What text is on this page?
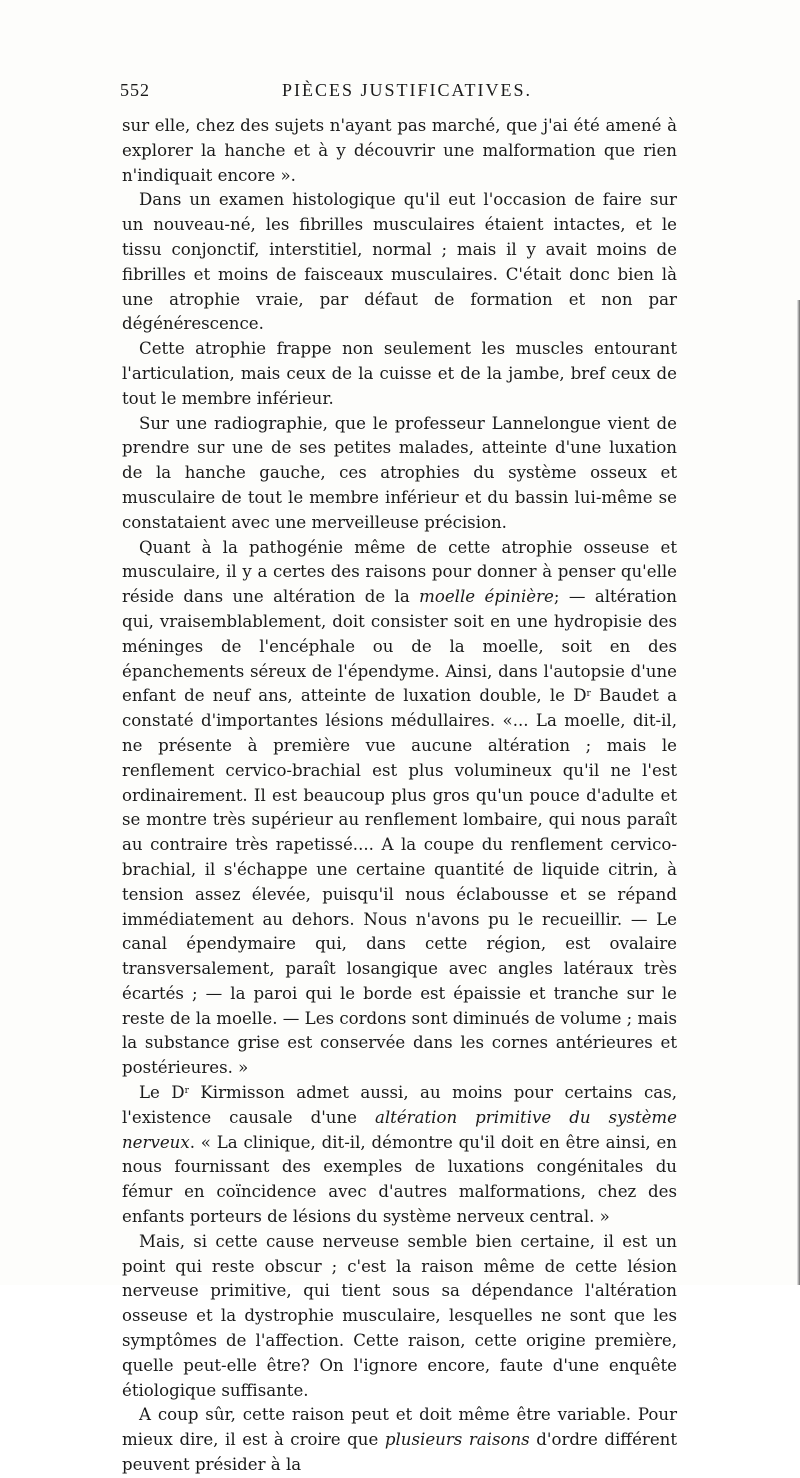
552	PIÈCES JUSTIFICATIVES.

sur elle, chez des sujets n'ayant pas marché, que j'ai été amené à explorer la hanche et à y découvrir une malformation que rien n'indiquait encore ».

Dans un examen histologique qu'il eut l'occasion de faire sur un nouveau-né, les fibrilles musculaires étaient intactes, et le tissu conjonctif, interstitiel, normal ; mais il y avait moins de fibrilles et moins de faisceaux musculaires. C'était donc bien là une atrophie vraie, par défaut de formation et non par dégénérescence.

Cette atrophie frappe non seulement les muscles entourant l'articulation, mais ceux de la cuisse et de la jambe, bref ceux de tout le membre inférieur.

Sur une radiographie, que le professeur Lannelongue vient de prendre sur une de ses petites malades, atteinte d'une luxation de la hanche gauche, ces atrophies du système osseux et musculaire de tout le membre inférieur et du bassin lui-même se constataient avec une merveilleuse précision.

Quant à la pathogénie même de cette atrophie osseuse et musculaire, il y a certes des raisons pour donner à penser qu'elle réside dans une altération de la moelle épinière; — altération qui, vraisemblablement, doit consister soit en une hydropisie des méninges de l'encéphale ou de la moelle, soit en des épanchements séreux de l'épendyme. Ainsi, dans l'autopsie d'une enfant de neuf ans, atteinte de luxation double, le $D^r$ Baudet a constaté d'importantes lésions médullaires. «... La moelle, dit-il, ne présente à première vue aucune altération ; mais le renflement cervico-brachial est plus volumineux qu'il ne l'est ordinairement. Il est beaucoup plus gros qu'un pouce d'adulte et se montre très supérieur au renflement lombaire, qui nous paraît au contraire très rapetissé.... A la coupe du renflement cervico-brachial, il s'échappe une certaine quantité de liquide citrin, à tension assez élevée, puisqu'il nous éclabousse et se répand immédiatement au dehors. Nous n'avons pu le recueillir. — Le canal épendymaire qui, dans cette région, est ovalaire transversalement, paraît losangique avec angles latéraux très écartés ; — la paroi qui le borde est épaissie et tranche sur le reste de la moelle. — Les cordons sont diminués de volume ; mais la substance grise est conservée dans les cornes antérieures et postérieures. »

Le $D^r$ Kirmisson admet aussi, au moins pour certains cas, l'existence causale d'une altération primitive du système nerveux. « La clinique, dit-il, démontre qu'il doit en être ainsi, en nous fournissant des exemples de luxations congénitales du fémur en coïncidence avec d'autres malformations, chez des enfants porteurs de lésions du système nerveux central. »

Mais, si cette cause nerveuse semble bien certaine, il est un point qui reste obscur ; c'est la raison même de cette lésion nerveuse primitive, qui tient sous sa dépendance l'altération osseuse et la dystrophie musculaire, lesquelles ne sont que les symptômes de l'affection. Cette raison, cette origine première, quelle peut-elle être? On l'ignore encore, faute d'une enquête étiologique suffisante.

A coup sûr, cette raison peut et doit même être variable. Pour mieux dire, il est à croire que plusieurs raisons d'ordre différent peuvent présider à la
